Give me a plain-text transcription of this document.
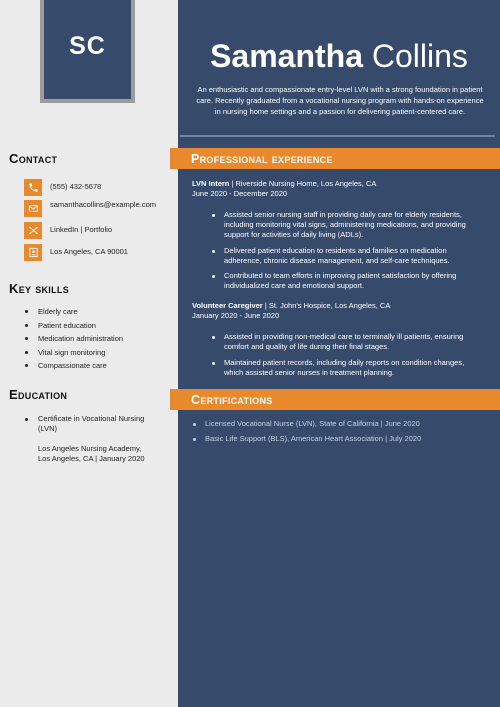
SC	Samantha Collins
An enthusiastic and compassionate entry-level LVN with a strong foundation in patient care. Recently graduated from a vocational nursing program with hands-on experience in nursing home settings and a passion for delivering patient-centered care.
Contact
(555) 432-5678
samanthacollins@example.com
LinkedIn | Portfolio
Los Angeles, CA 90001
Key skills
Elderly care
Patient education
Medication administration
Vital sign monitoring
Compassionate care
Education
Certificate in Vocational Nursing (LVN)
Los Angeles Nursing Academy,
Los Angeles, CA | January 2020
Professional experience
LVN Intern | Riverside Nursing Home, Los Angeles, CA
June 2020 - December 2020
Assisted senior nursing staff in providing daily care for elderly residents, including monitoring vital signs, administering medications, and providing support for activities of daily living (ADLs).
Delivered patient education to residents and families on medication adherence, chronic disease management, and self-care techniques.
Contributed to team efforts in improving patient satisfaction by offering individualized care and emotional support.
Volunteer Caregiver | St. John's Hospice, Los Angeles, CA
January 2020 - June 2020
Assisted in providing non-medical care to terminally ill patients, ensuring comfort and quality of life during their final stages.
Maintained patient records, including daily reports on condition changes, which assisted senior nurses in treatment planning.
Certifications
Licensed Vocational Nurse (LVN), State of California | June 2020
Basic Life Support (BLS), American Heart Association | July 2020
